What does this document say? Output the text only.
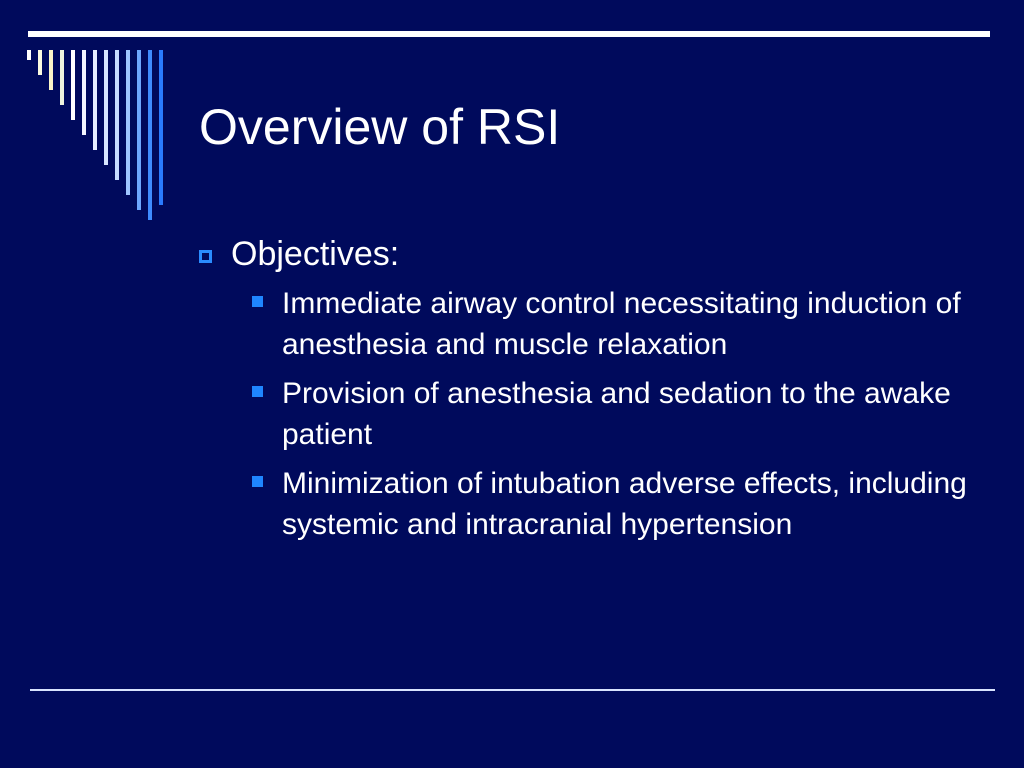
Overview of RSI
Objectives:
Immediate airway control necessitating induction of anesthesia and muscle relaxation
Provision of anesthesia and sedation to the awake patient
Minimization of intubation adverse effects, including systemic and intracranial hypertension
